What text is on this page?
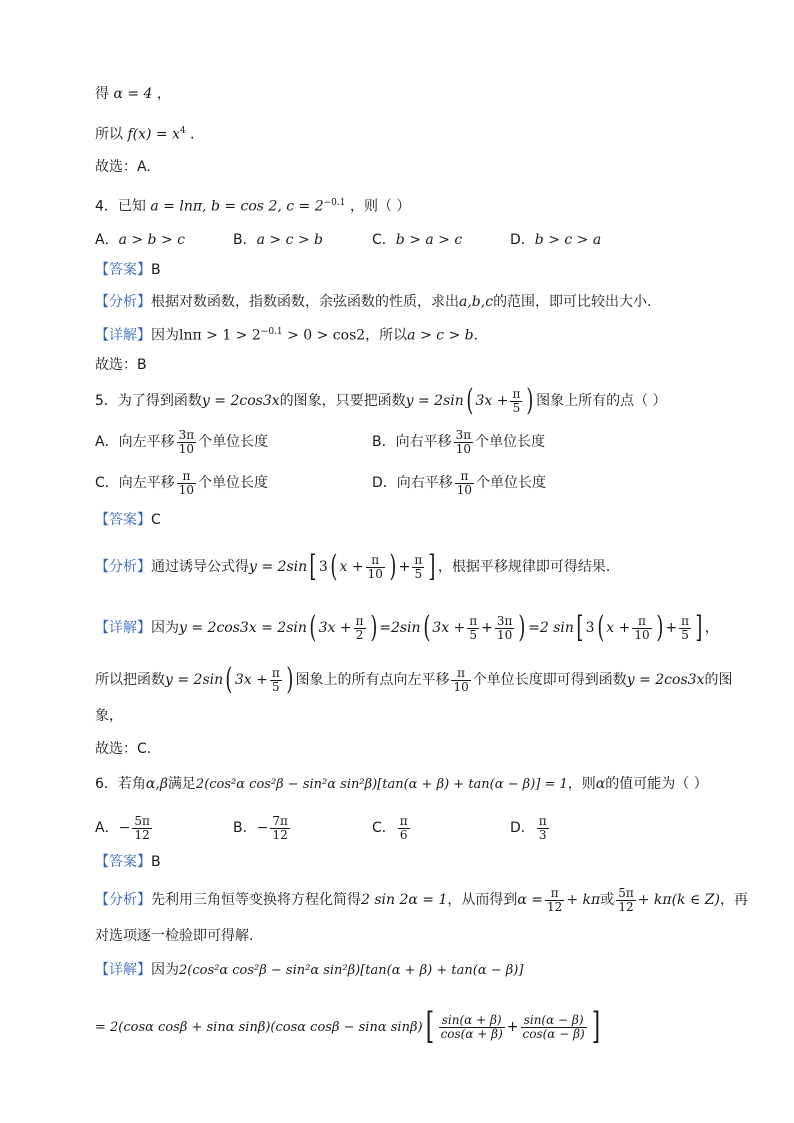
得 α = 4 ，
所以 $f(x) = x^4$ ．
故选：A.
4．已知 a = lnπ, b = cos 2, $c = 2^{-0.1}$ ，则（ ）
A．a > b > c	B．a > c > b	C．b > a > c	D．b > c > a
【答案】B
【分析】根据对数函数，指数函数，余弦函数的性质，求出a,b,c的范围，即可比较出大小.
【详解】因为$\ln\pi > 1 > 2^{-0.1} > 0 > \cos 2$，所以a > c > b．
故选：B
5．为了得到函数y = 2cos3x的图象，只要把函数y = 2sin( $3x + \frac{\pi}{5}$ ) 图象上所有的点（ ）
A．向左平移 $\frac{3\pi}{10}$ 个单位长度	B．向右平移 $\frac{3\pi}{10}$ 个单位长度
C．向左平移 $\frac{\pi}{10}$ 个单位长度	D．向右平移 $\frac{\pi}{10}$ 个单位长度
【答案】C
【分析】通过诱导公式得y = 2sin[ 3( $x + \frac{\pi}{10}$ ) + $\frac{\pi}{5}$ ] ，根据平移规律即可得结果.
【详解】因为y = 2cos3x = 2sin( $3x + \frac{\pi}{2}$ ) =2sin( $3x + \frac{\pi}{5} + \frac{3\pi}{10}$ ) =2 sin[ 3( $x + \frac{\pi}{10}$ ) + $\frac{\pi}{5}$ ] ，
所以把函数y = 2sin( $3x + \frac{\pi}{5}$ ) 图象上的所有点向左平移 $\frac{\pi}{10}$ 个单位长度即可得到函数y = 2cos3x的图
象，
故选：C.
6．若角α,β满足2(cos²α cos²β − sin²α sin²β)[tan(α + β) + tan(α − β)] = 1，则α的值可能为（ ）
A．− $\frac{5\pi}{12}$	B．− $\frac{7\pi}{12}$	C． $\frac{\pi}{6}$	D． $\frac{\pi}{3}$
【答案】B
【分析】先利用三角恒等变换将方程化简得2 sin 2α = 1，从而得到$\alpha = \frac{\pi}{12} + k\pi$或 $\frac{5\pi}{12} + k\pi(k$ ∈ Z)，再
对选项逐一检验即可得解.
【详解】因为2(cos²α cos²β − sin²α sin²β)[tan(α + β) + tan(α − β)]
= 2(cosα cosβ + sinα sinβ)(cosα cosβ − sinα $\sin\beta)[ \frac{\sin(\alpha + \beta)}{\cos(\alpha + \beta)} + \frac{\sin(\alpha - \beta)}{\cos(\alpha - \beta)}$ ]
